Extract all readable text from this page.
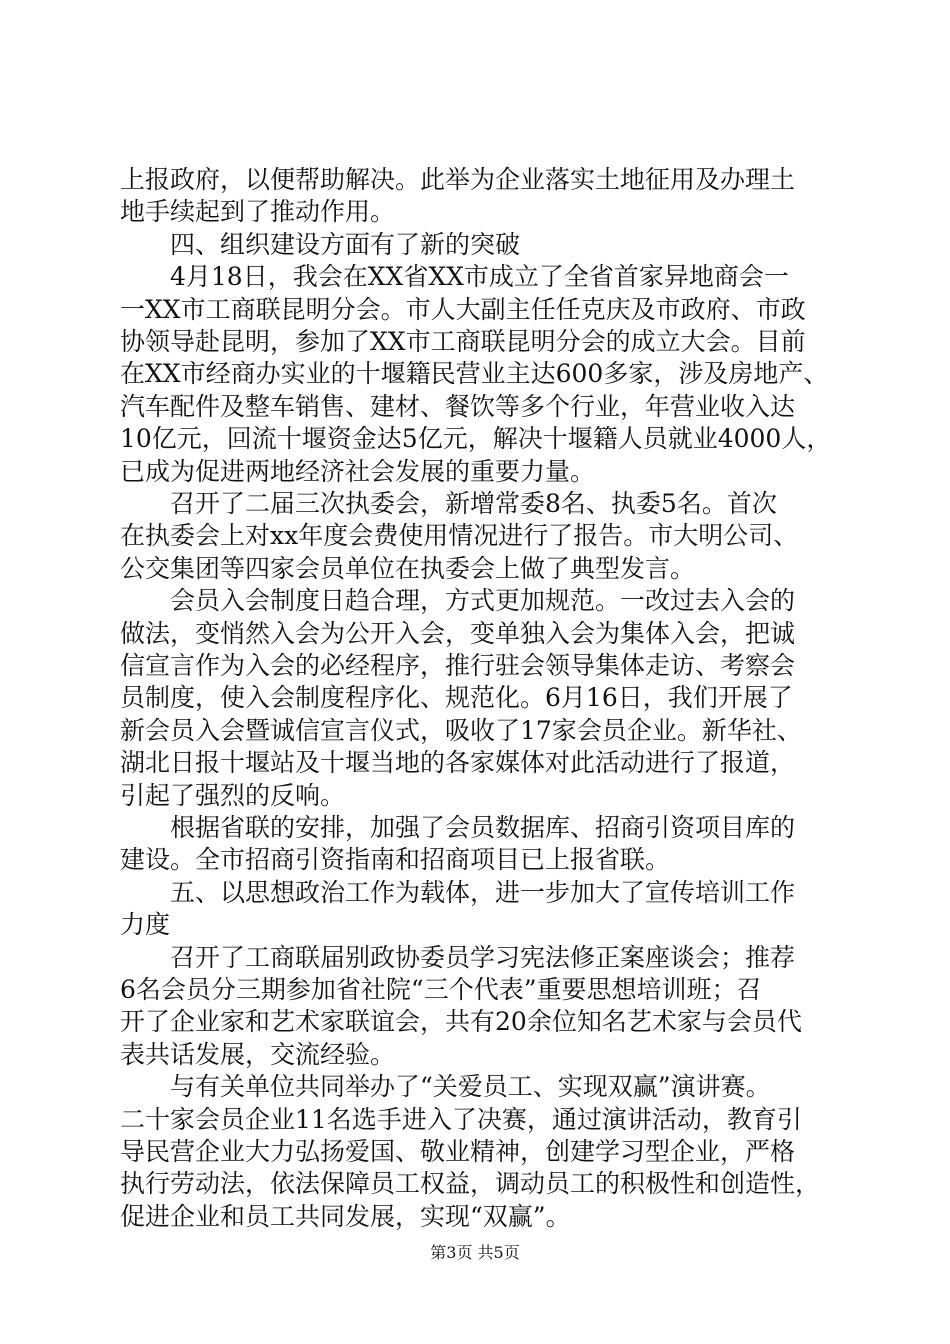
上报政府，以便帮助解决。此举为企业落实土地征用及办理土
地手续起到了推动作用。
四、组织建设方面有了新的突破
4月18日，我会在XX省XX市成立了全省首家异地商会一
一XX市工商联昆明分会。市人大副主任任克庆及市政府、市政
协领导赴昆明，参加了XX市工商联昆明分会的成立大会。目前
在XX市经商办实业的十堰籍民营业主达600多家，涉及房地产、
汽车配件及整车销售、建材、餐饮等多个行业，年营业收入达
10亿元，回流十堰资金达5亿元，解决十堰籍人员就业4000人，
已成为促进两地经济社会发展的重要力量。
召开了二届三次执委会，新增常委8名、执委5名。首次
在执委会上对xx年度会费使用情况进行了报告。市大明公司、
公交集团等四家会员单位在执委会上做了典型发言。
会员入会制度日趋合理，方式更加规范。一改过去入会的
做法，变悄然入会为公开入会，变单独入会为集体入会，把诚
信宣言作为入会的必经程序，推行驻会领导集体走访、考察会
员制度，使入会制度程序化、规范化。6月16日，我们开展了
新会员入会暨诚信宣言仪式，吸收了17家会员企业。新华社、
湖北日报十堰站及十堰当地的各家媒体对此活动进行了报道，
引起了强烈的反响。
根据省联的安排，加强了会员数据库、招商引资项目库的
建设。全市招商引资指南和招商项目已上报省联。
五、以思想政治工作为载体，进一步加大了宣传培训工作
力度
召开了工商联届别政协委员学习宪法修正案座谈会；推荐
6名会员分三期参加省社院“三个代表”重要思想培训班；召
开了企业家和艺术家联谊会，共有20余位知名艺术家与会员代
表共话发展，交流经验。
与有关单位共同举办了“关爱员工、实现双赢”演讲赛。
二十家会员企业11名选手进入了决赛，通过演讲活动，教育引
导民营企业大力弘扬爱国、敬业精神，创建学习型企业，严格
执行劳动法，依法保障员工权益，调动员工的积极性和创造性，
促进企业和员工共同发展，实现“双赢”。
第3页 共5页
